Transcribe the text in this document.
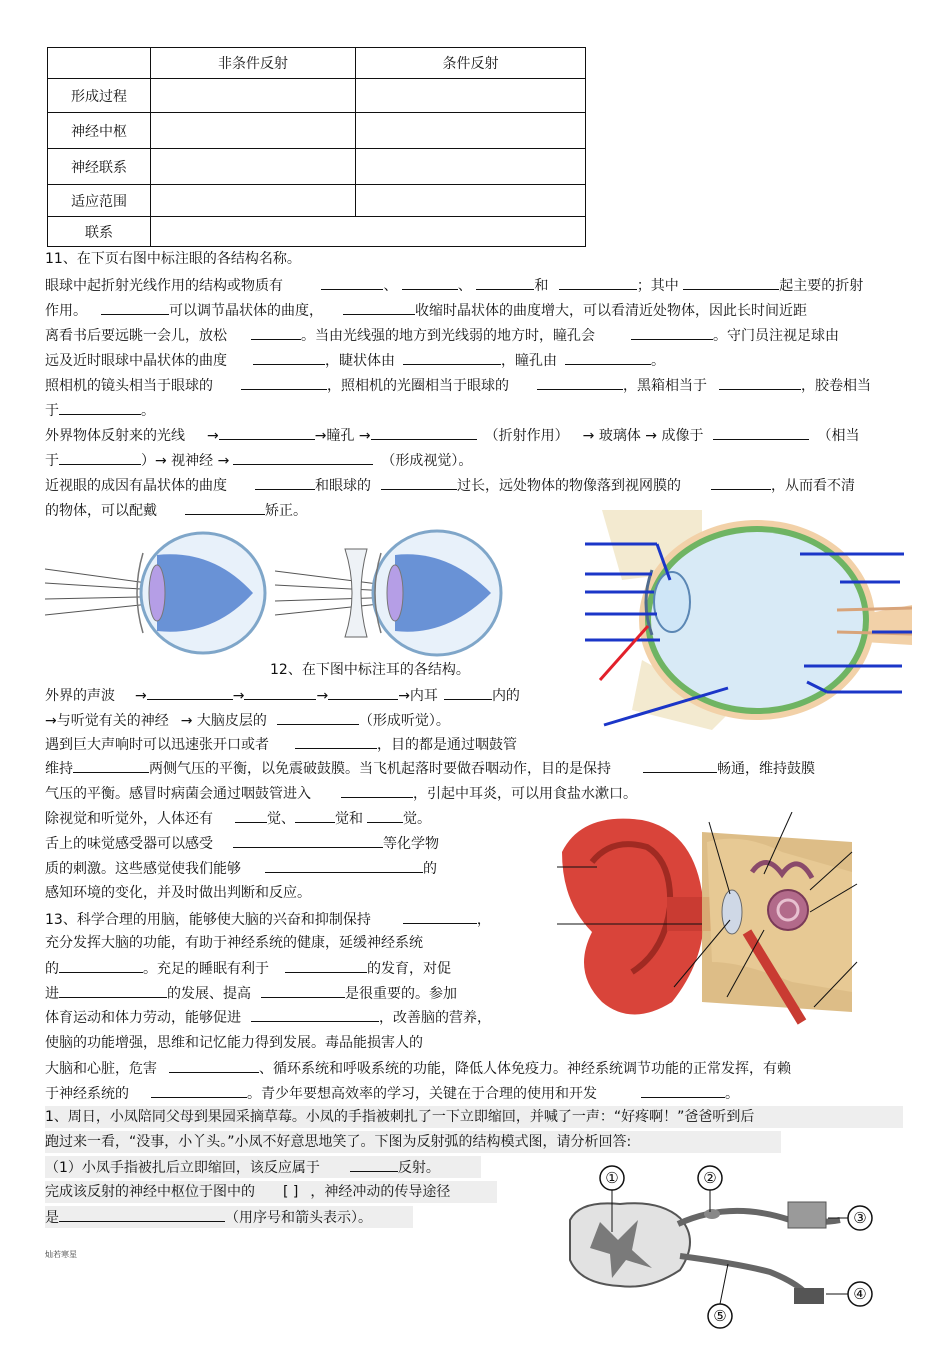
	非条件反射	条件反射
形成过程		
神经中枢		
神经联系		
适应范围		
联系		
11、在下页右图中标注眼的各结构名称。
眼球中起折射光线作用的结构或物质有	、	、	和	；其中	起主要的折射
作用。	可以调节晶状体的曲度，	收缩时晶状体的曲度增大，可以看清近处物体，因此长时间近距
离看书后要远眺一会儿，放松	。当由光线强的地方到光线弱的地方时，瞳孔会	。守门员注视足球由
远及近时眼球中晶状体的曲度	，睫状体由	，瞳孔由	。
照相机的镜头相当于眼球的	，照相机的光圈相当于眼球的	，黑箱相当于	，胶卷相当
于	。
外界物体反射来的光线 →	→瞳孔 →	（折射作用） → 玻璃体 → 成像于	（相当
于	）→ 视神经 →	（形成视觉）。
近视眼的成因有晶状体的曲度	和眼球的	过长，远处物体的物像落到视网膜的	，从而看不清
的物体，可以配戴	矫正。
12、在下图中标注耳的各结构。
外界的声波 →	→	→	→内耳	内的
→与听觉有关的神经 → 大脑皮层的	（形成听觉）。
遇到巨大声响时可以迅速张开口或者	，目的都是通过咽鼓管
维持	两侧气压的平衡，以免震破鼓膜。当飞机起落时要做吞咽动作，目的是保持	畅通，维持鼓膜
气压的平衡。感冒时病菌会通过咽鼓管进入	，引起中耳炎，可以用食盐水漱口。
除视觉和听觉外，人体还有	觉、	觉和	觉。
舌上的味觉感受器可以感受	等化学物
质的刺激。这些感觉使我们能够	的
感知环境的变化，并及时做出判断和反应。
13、科学合理的用脑，能够使大脑的兴奋和抑制保持	，
充分发挥大脑的功能，有助于神经系统的健康，延缓神经系统
的	。充足的睡眠有利于	的发育，对促
进	的发展、提高	是很重要的。参加
体育运动和体力劳动，能够促进	，改善脑的营养，
使脑的功能增强，思维和记忆能力得到发展。毒品能损害人的
大脑和心脏，危害	、循环系统和呼吸系统的功能，降低人体免疫力。神经系统调节功能的正常发挥，有赖
于神经系统的	。青少年要想高效率的学习，关键在于合理的使用和开发	。
1、周日，小凤陪同父母到果园采摘草莓。小凤的手指被刺扎了一下立即缩回，并喊了一声：“好疼啊！”爸爸听到后
跑过来一看，“没事，小丫头。”小凤不好意思地笑了。下图为反射弧的结构模式图，请分析回答:
（1）小凤手指被扎后立即缩回，该反应属于	反射。
完成该反射的神经中枢位于图中的 [ ] ，神经冲动的传导途径
是	（用序号和箭头表示）。
①	②
③
④
⑤
灿若寒星
